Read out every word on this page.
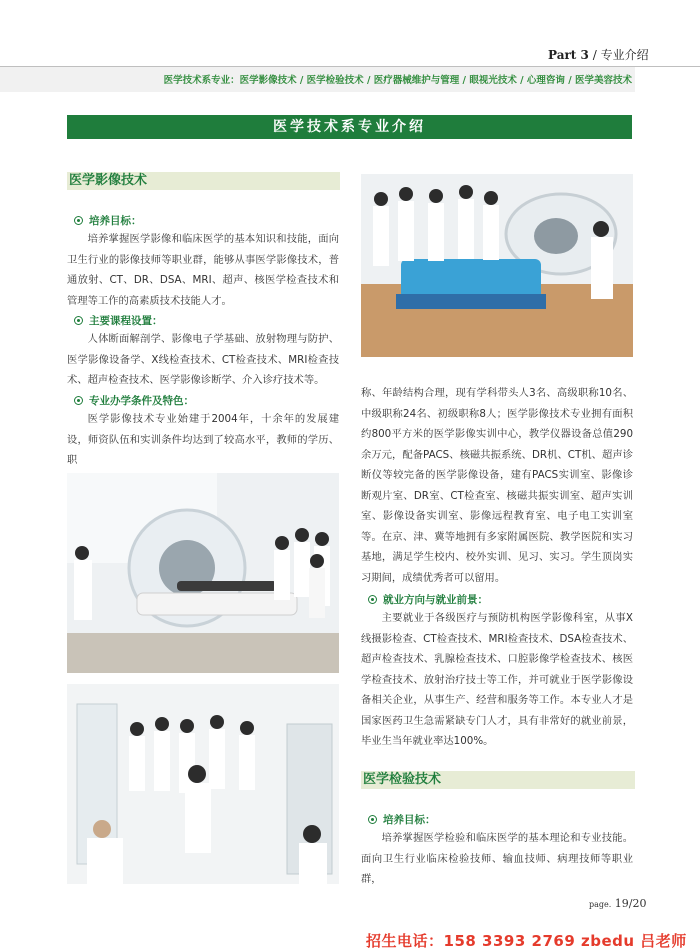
Part 3 / 专业介绍
医学技术系专业：医学影像技术 / 医学检验技术 / 医疗器械维护与管理 / 眼视光技术 / 心理咨询 / 医学美容技术
医学技术系专业介绍
医学影像技术
培养目标：
培养掌握医学影像和临床医学的基本知识和技能，面向卫生行业的影像技师等职业群，能够从事医学影像技术，普通放射、CT、DR、DSA、MRI、超声、核医学检查技术和管理等工作的高素质技术技能人才。
主要课程设置：
人体断面解剖学、影像电子学基础、放射物理与防护、医学影像设备学、X线检查技术、CT检查技术、MRI检查技术、超声检查技术、医学影像诊断学、介入诊疗技术等。
专业办学条件及特色：
医学影像技术专业始建于2004年，十余年的发展建设，师资队伍和实训条件均达到了较高水平，教师的学历、职
称、年龄结构合理，现有学科带头人3名、高级职称10名、中级职称24名、初级职称8人；医学影像技术专业拥有面积约800平方米的医学影像实训中心，教学仪器设备总值290余万元，配备PACS、核磁共振系统、DR机、CT机、超声诊断仪等较完备的医学影像设备，建有PACS实训室、影像诊断观片室、DR室、CT检查室、核磁共振实训室、超声实训室、影像设备实训室、影像远程教育室、电子电工实训室等。在京、津、冀等地拥有多家附属医院、教学医院和实习基地，满足学生校内、校外实训、见习、实习。学生顶岗实习期间，成绩优秀者可以留用。
就业方向与就业前景：
主要就业于各级医疗与预防机构医学影像科室，从事X线摄影检查、CT检查技术、MRI检查技术、DSA检查技术、超声检查技术、乳腺检查技术、口腔影像学检查技术、核医学检查技术、放射治疗技士等工作，并可就业于医学影像设备相关企业，从事生产、经营和服务等工作。本专业人才是国家医药卫生急需紧缺专门人才，具有非常好的就业前景，毕业生当年就业率达100%。
医学检验技术
培养目标：
培养掌握医学检验和临床医学的基本理论和专业技能。面向卫生行业临床检验技师、输血技师、病理技师等职业群，
page. 19/20
招生电话：158 3393 2769 zbedu 吕老师
